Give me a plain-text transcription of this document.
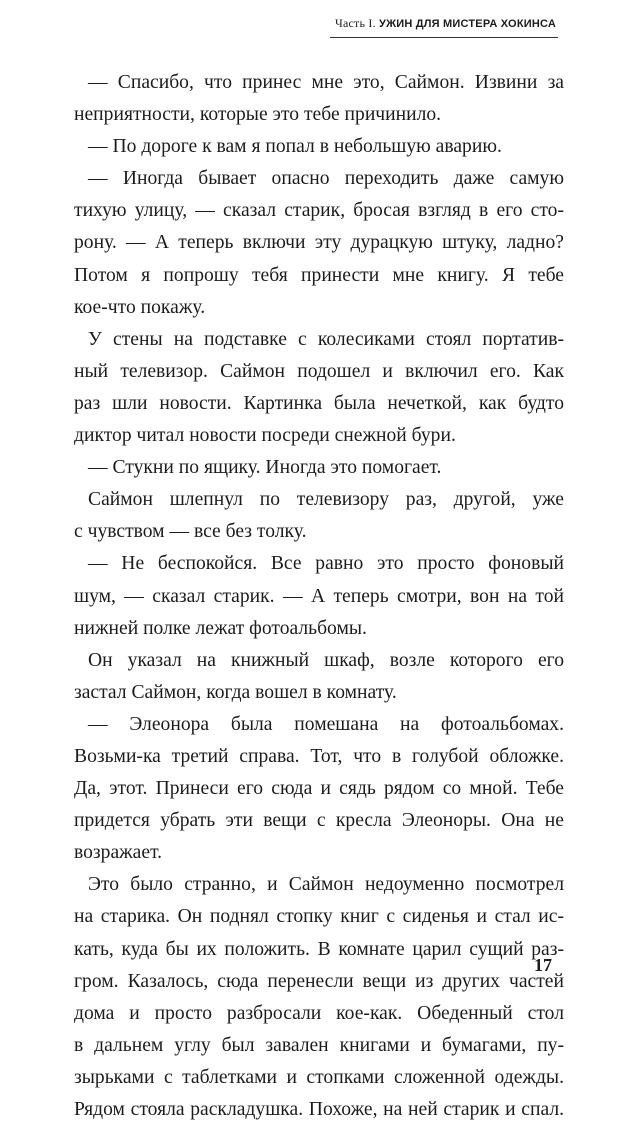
Часть I. УЖИН ДЛЯ МИСТЕРА ХОКИНСА
— Спасибо, что принес мне это, Саймон. Извини за
неприятности, которые это тебе причинило.
— По дороге к вам я попал в небольшую аварию.
— Иногда бывает опасно переходить даже самую
тихую улицу, — сказал старик, бросая взгляд в его сто-
рону. — А теперь включи эту дурацкую штуку, ладно?
Потом я попрошу тебя принести мне книгу. Я тебе
кое-что покажу.
У стены на подставке с колесиками стоял портатив-
ный телевизор. Саймон подошел и включил его. Как
раз шли новости. Картинка была нечеткой, как будто
диктор читал новости посреди снежной бури.
— Стукни по ящику. Иногда это помогает.
Саймон шлепнул по телевизору раз, другой, уже
с чувством — все без толку.
— Не беспокойся. Все равно это просто фоновый
шум, — сказал старик. — А теперь смотри, вон на той
нижней полке лежат фотоальбомы.
Он указал на книжный шкаф, возле которого его
застал Саймон, когда вошел в комнату.
— Элеонора была помешана на фотоальбомах.
Возьми-ка третий справа. Тот, что в голубой обложке.
Да, этот. Принеси его сюда и сядь рядом со мной. Тебе
придется убрать эти вещи с кресла Элеоноры. Она не
возражает.
Это было странно, и Саймон недоуменно посмотрел
на старика. Он поднял стопку книг с сиденья и стал ис-
кать, куда бы их положить. В комнате царил сущий раз-
гром. Казалось, сюда перенесли вещи из других частей
дома и просто разбросали кое-как. Обеденный стол
в дальнем углу был завален книгами и бумагами, пу-
зырьками с таблетками и стопками сложенной одежды.
Рядом стояла раскладушка. Похоже, на ней старик и спал.
17
